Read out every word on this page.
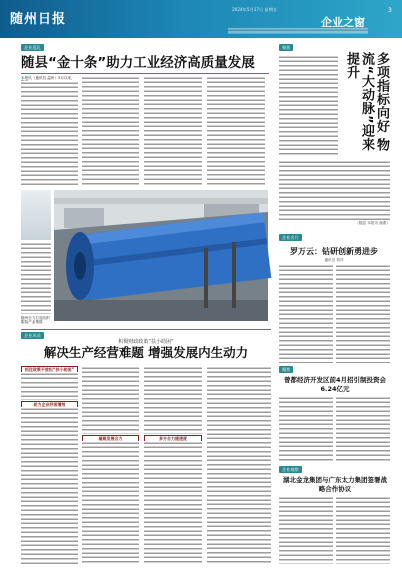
随州日报
2024年5月17日 星期五	3
企业之窗
企业巡礼
随县“金十条”助力工业经济高质量发展
本报讯（通讯员 温州）5月以来，
随州全力打造纺织服装产业集群
聚焦
多项指标向好 物流“大动脉”迎来提升
（随县 本报讯 谢燕）
企业名片
罗万云：钻研创新勇进步
通讯员 刘洋
企业风采
积极财政政策“扶小助困”
解决生产经营难题 增强发展内生动力
抓住政策不放松“扶小助困”
助力企业纾困增效
凝聚发展合力	多方合力提速度
聚焦
曾都经济开发区前4月招引制投资会6.24亿元
企业观察
湖北金龙集团与广东太力集团签署战略合作协议
